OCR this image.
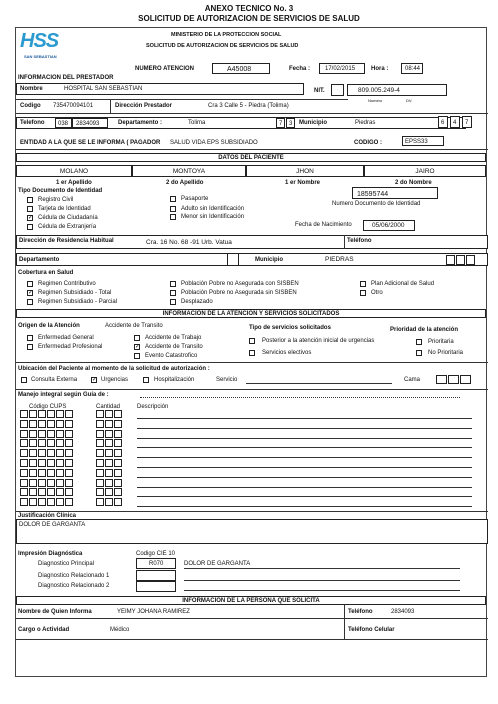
ANEXO TECNICO No. 3
SOLICITUD DE AUTORIZACION DE SERVICIOS DE SALUD
HSS
SAN SEBASTIAN
MINISTERIO DE LA PROTECCION SOCIAL
SOLICITUD DE AUTORIZACION DE SERVICIOS DE SALUD
NUMERO ATENCION	A45008	Fecha : 17/02/2015	Hora :	08:44
INFORMACION DEL PRESTADOR
Nombre	HOSPITAL SAN SEBASTIAN	NIT.	809.005.249-4
Numero	DV.
Codigo 735470094101	Dirección Prestador	Cra 3 Calle 5 - Piedra (Tolima)
Telefono 038 2834093	Departamento :	Tolima	7 3 Municipio	Piedras	6 4 7
ENTIDAD A LA QUE SE LE INFORMA ( PAGADOR SALUD VIDA EPS SUBSIDIADO	CODIGO :	EPSS33
DATOS DEL PACIENTE
MOLANO	MONTOYA	JHON	JAIRO
1 er Apellido	2 do Apellido	1 er Nombre	2 do Nombre
Tipo Documento de Identidad
Registro Civil
Tarjeta de Identidad
✓ Cédula de Ciudadanía
Cédula de Extranjería
Pasaporte
Adulto sin Identificación
Menor sin Identificación
18595744
Numero Documento de Identidad
Fecha de Nacimiento	05/06/2000
Dirección de Residencia Habitual	Cra. 16 No. 68 -91 Urb. Vatua	Teléfono
Departamento	Municipio	PIEDRAS
Cobertura en Salud
Regimen Contributivo
✓ Regimen Subsidiado - Total
Regimen Subsidiado - Parcial
Población Pobre no Asegurada con SISBEN
Población Pobre no Asegurada sin SISBEN
Desplazado
Plan Adicional de Salud
Otro
INFORMACIÓN DE LA ATENCIÓN Y SERVICIOS SOLICITADOS
Origen de la Atención	Accidente de Transito
Enfermedad General
Enfermedad Profesional
Accidente de Trabajo
✓ Accidente de Transito
Evento Catastrofico
Tipo de servicios solicitados
Posterior a la atención inicial de urgencias
Servicios electivos
Prioridad de la atención
Prioritaria
No Prioritaria
Ubicación del Paciente al momento de la solicitud de autorización :
Consulta Externa ✓ Urgencias	Hospitalización	Servicio	Cama
Manejo integral según Guía de :
Código CUPS	Cantidad	Descripción
Justificación Clínica
DOLOR DE GARGANTA
Impresión Diagnóstica	Codigo CIE 10
Diagnostico Principal	R070	DOLOR DE GARGANTA
Diagnostico Relacionado 1
Diagnostico Relacionado 2
INFORMACION DE LA PERSONA QUE SOLICITA
Nombre de Quien Informa	YEIMY JOHANA RAMIREZ	Teléfono	2834093
Cargo o Actividad	Médico	Teléfono Celular
